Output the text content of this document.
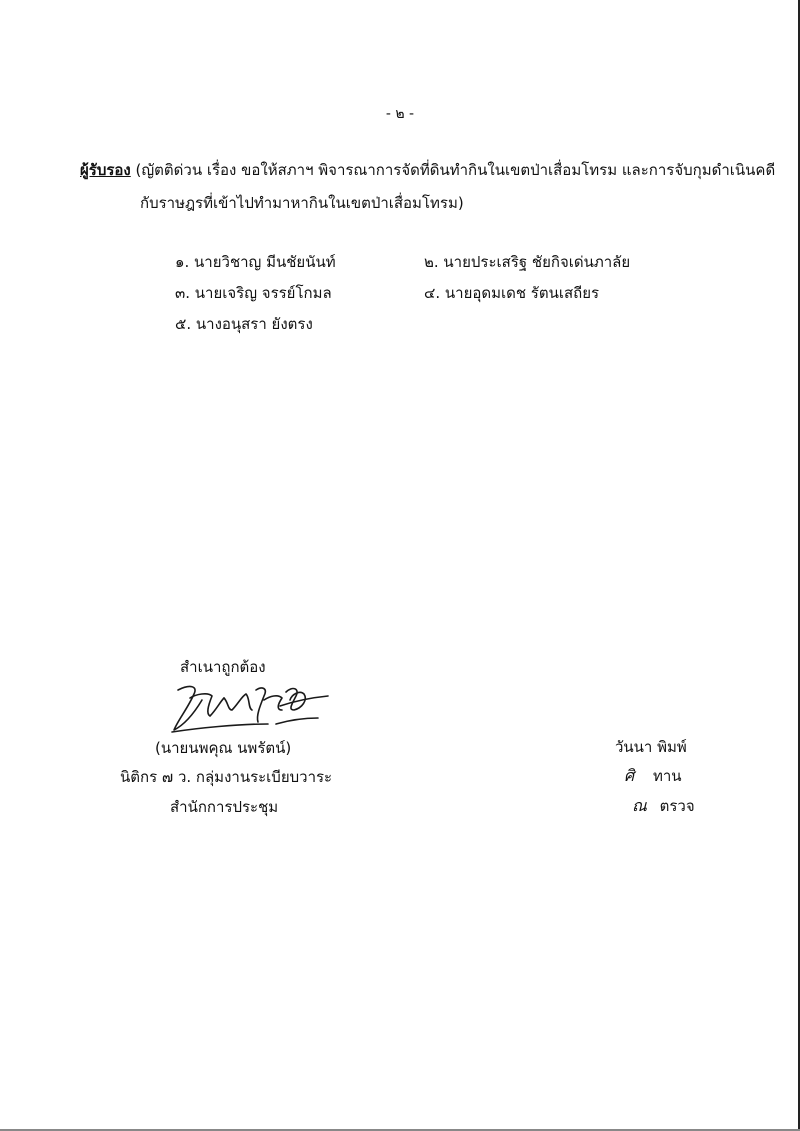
- ๒ -
ผู้รับรอง (ญัตติด่วน เรื่อง ขอให้สภาฯ พิจารณาการจัดที่ดินทำกินในเขตป่าเสื่อมโทรม และการจับกุมดำเนินคดี
กับราษฎรที่เข้าไปทำมาหากินในเขตป่าเสื่อมโทรม)
๑. นายวิชาญ มีนชัยนันท์	๒. นายประเสริฐ ชัยกิจเด่นภาลัย
๓. นายเจริญ จรรย์โกมล	๔. นายอุดมเดช รัตนเสถียร
๕. นางอนุสรา ยังตรง
สำเนาถูกต้อง
(นายนพคุณ นพรัตน์)
นิติกร ๗ ว. กลุ่มงานระเบียบวาระ
สำนักการประชุม
วันนา พิมพ์
ศิ ทาน
ณ ตรวจ
